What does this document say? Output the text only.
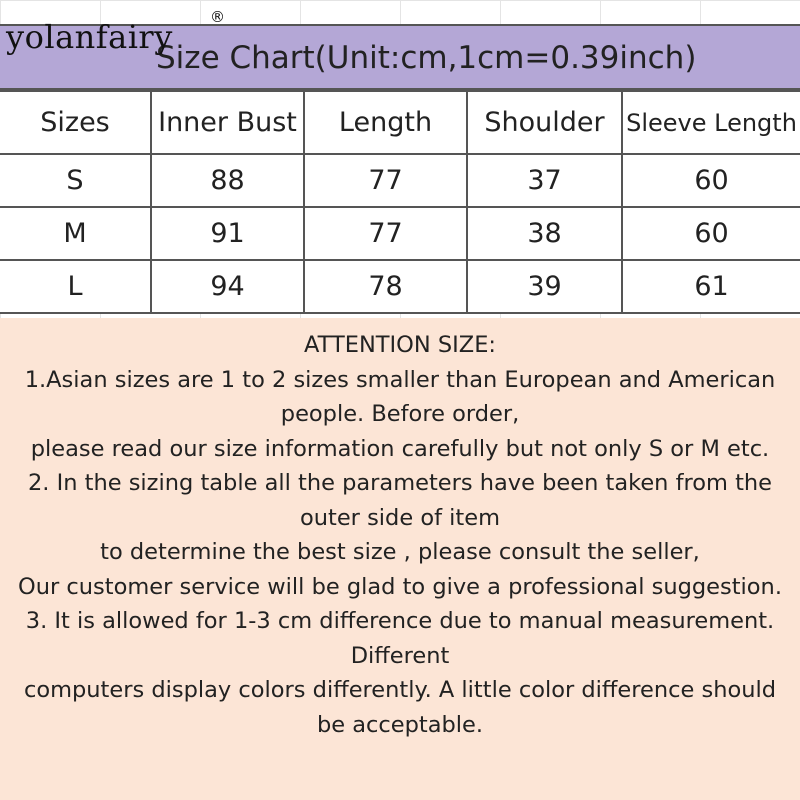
Size Chart(Unit:cm,1cm=0.39inch)
yolanfairy
®
Sizes	Inner Bust	Length	Shoulder	Sleeve Length
S	88	77	37	60
M	91	77	38	60
L	94	78	39	61
ATTENTION SIZE:
1.Asian sizes are 1 to 2 sizes smaller than European and American
people. Before order,
please read our size information carefully but not only S or M etc.
2. In the sizing table all the parameters have been taken from the
outer side of item
to determine the best size , please consult the seller,
Our customer service will be glad to give a professional suggestion.
3. It is allowed for 1-3 cm difference due to manual measurement.
Different
computers display colors differently. A little color difference should
be acceptable.
